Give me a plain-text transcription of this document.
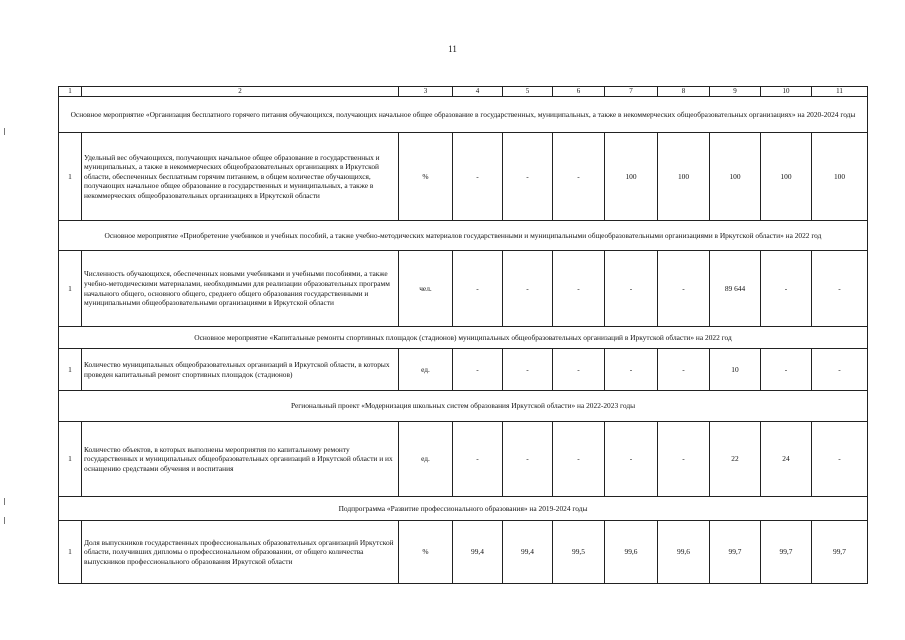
11
1	2	3	4	5	6	7	8	9	10	11
Основное мероприятие «Организация бесплатного горячего питания обучающихся, получающих начальное общее образование в государственных, муниципальных, а также в некоммерческих общеобразовательных организациях» на 2020-2024 годы										
1	Удельный вес обучающихся, получающих начальное общее образование в государственных и муниципальных, а также в некоммерческих общеобразовательных организациях в Иркутской области, обеспеченных бесплатным горячим питанием, в общем количестве обучающихся, получающих начальное общее образование в государственных и муниципальных, а также в некоммерческих общеобразовательных организациях в Иркутской области	%	-	-	-	100	100	100	100	100
Основное мероприятие «Приобретение учебников и учебных пособий, а также учебно-методических материалов государственными и муниципальными общеобразовательными организациями в Иркутской области» на 2022 год										
1	Численность обучающихся, обеспеченных новыми учебниками и учебными пособиями, а также учебно-методическими материалами, необходимыми для реализации образовательных программ начального общего, основного общего, среднего общего образования государственными и муниципальными общеобразовательными организациями в Иркутской области	чел.	-	-	-	-	-	89 644	-	-
Основное мероприятие «Капитальные ремонты спортивных площадок (стадионов) муниципальных общеобразовательных организаций в Иркутской области» на 2022 год										
1	Количество муниципальных общеобразовательных организаций в Иркутской области, в которых проведен капитальный ремонт спортивных площадок (стадионов)	ед.	-	-	-	-	-	10	-	-
Региональный проект «Модернизация школьных систем образования Иркутской области» на 2022-2023 годы										
1	Количество объектов, в которых выполнены мероприятия по капитальному ремонту государственных и муниципальных общеобразовательных организаций в Иркутской области и их оснащению средствами обучения и воспитания	ед.	-	-	-	-	-	22	24	-
Подпрограмма «Развитие профессионального образования» на 2019-2024 годы										
1	Доля выпускников государственных профессиональных образовательных организаций Иркутской области, получивших дипломы о профессиональном образовании, от общего количества выпускников профессионального образования Иркутской области	%	99,4	99,4	99,5	99,6	99,6	99,7	99,7	99,7
